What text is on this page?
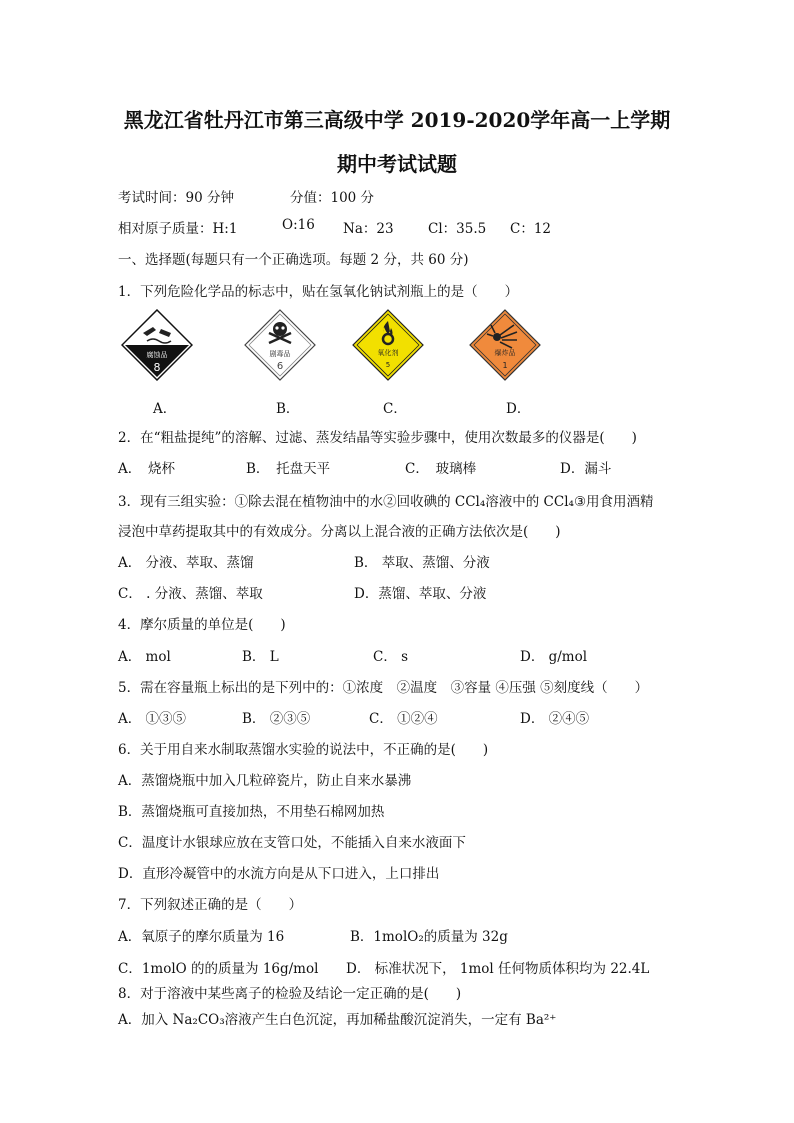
黑龙江省牡丹江市第三高级中学 2019-2020学年高一上学期
期中考试试题
考试时间：90 分钟	分值：100 分
相对原子质量：H:1	O:16 Na：23	Cl：35.5 C：12
一、选择题(每题只有一个正确选项。每题 2 分，共 60 分)
1．下列危险化学品的标志中，贴在氢氧化钠试剂瓶上的是（　　）
腐蚀品
8
剧毒品
6
氧化剂
5
爆炸品
1
A．	B．	C．	D．
2．在“粗盐提纯”的溶解、过滤、蒸发结晶等实验步骤中，使用次数最多的仪器是(　　)
A．　烧杯	B．　托盘天平	C．　玻璃棒	D．漏斗
3．现有三组实验：①除去混在植物油中的水②回收碘的 CCl₄溶液中的 CCl₄③用食用酒精
浸泡中草药提取其中的有效成分。分离以上混合液的正确方法依次是(　　)
A． 分液、萃取、蒸馏	B． 萃取、蒸馏、分液
C． . 分液、蒸馏、萃取	D．蒸馏、萃取、分液
4．摩尔质量的单位是(　　)
A． mol	B． L	C． s	D． g/mol
5．需在容量瓶上标出的是下列中的：①浓度　②温度　③容量 ④压强 ⑤刻度线（　　）
A． ①③⑤	B． ②③⑤	C． ①②④	D． ②④⑤
6．关于用自来水制取蒸馏水实验的说法中，不正确的是(　　)
A．蒸馏烧瓶中加入几粒碎瓷片，防止自来水暴沸
B．蒸馏烧瓶可直接加热，不用垫石棉网加热
C．温度计水银球应放在支管口处，不能插入自来水液面下
D．直形冷凝管中的水流方向是从下口进入，上口排出
7．下列叙述正确的是（　　）
A．氧原子的摩尔质量为 16	B．1molO₂的质量为 32g
C．1molO 的的质量为 16g/mol D． 标准状况下， 1mol 任何物质体积均为 22.4L
8．对于溶液中某些离子的检验及结论一定正确的是(　　)
A．加入 Na₂CO₃溶液产生白色沉淀，再加稀盐酸沉淀消失，一定有 Ba²⁺
